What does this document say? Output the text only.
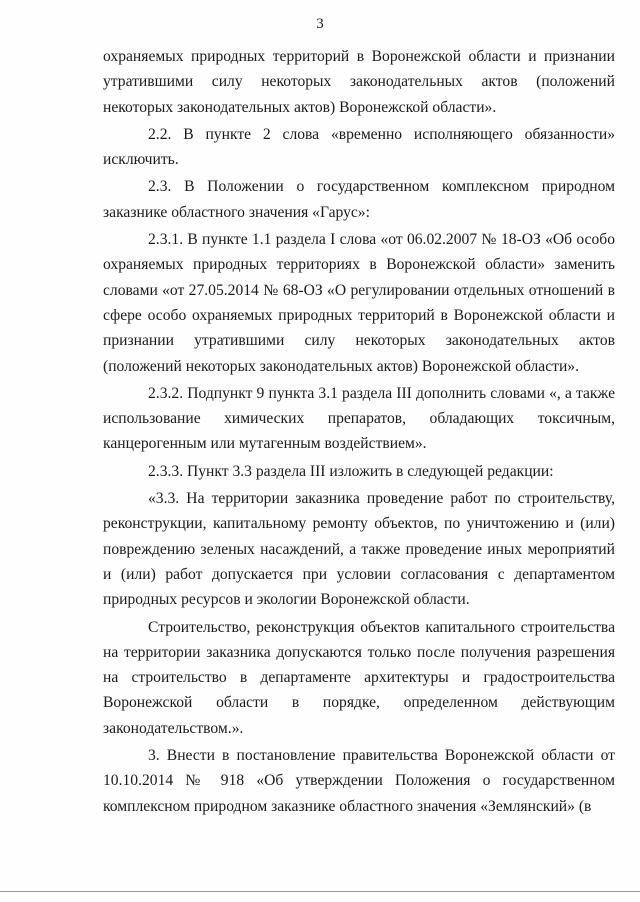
3

охраняемых природных территорий в Воронежской области и признании утратившими силу некоторых законодательных актов (положений некоторых законодательных актов) Воронежской области».

2.2. В пункте 2 слова «временно исполняющего обязанности» исключить.

2.3. В Положении о государственном комплексном природном заказнике областного значения «Гарус»:

2.3.1. В пункте 1.1 раздела I слова «от 06.02.2007 № 18-ОЗ «Об особо охраняемых природных территориях в Воронежской области» заменить словами «от 27.05.2014 № 68-ОЗ «О регулировании отдельных отношений в сфере особо охраняемых природных территорий в Воронежской области и признании утратившими силу некоторых законодательных актов (положений некоторых законодательных актов) Воронежской области».

2.3.2. Подпункт 9 пункта 3.1 раздела III дополнить словами «, а также использование химических препаратов, обладающих токсичным, канцерогенным или мутагенным воздействием».

2.3.3. Пункт 3.3 раздела III изложить в следующей редакции:

«3.3. На территории заказника проведение работ по строительству, реконструкции, капитальному ремонту объектов, по уничтожению и (или) повреждению зеленых насаждений, а также проведение иных мероприятий и (или) работ допускается при условии согласования с департаментом природных ресурсов и экологии Воронежской области.

Строительство, реконструкция объектов капитального строительства на территории заказника допускаются только после получения разрешения на строительство в департаменте архитектуры и градостроительства Воронежской области в порядке, определенном действующим законодательством.».

3. Внести в постановление правительства Воронежской области от 10.10.2014 № 918 «Об утверждении Положения о государственном комплексном природном заказнике областного значения «Землянский» (в
